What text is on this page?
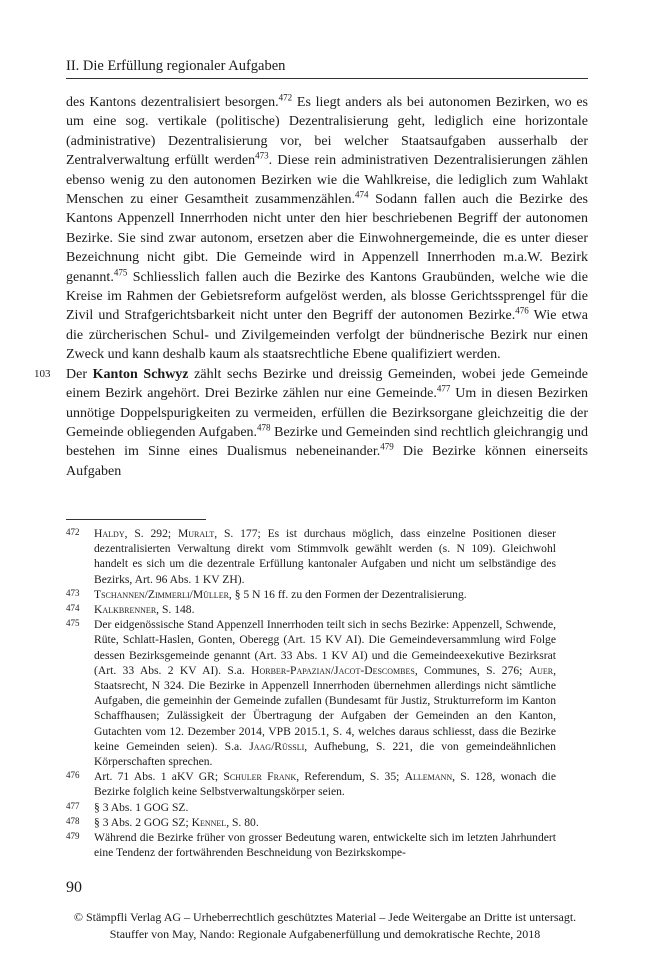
II. Die Erfüllung regionaler Aufgaben

des Kantons dezentralisiert besorgen.$^{472}$ Es liegt anders als bei autonomen Bezirken, wo es um eine sog. vertikale (politische) Dezentralisierung geht, lediglich eine horizontale (administrative) Dezentralisierung vor, bei welcher Staatsaufgaben ausserhalb der Zentralverwaltung erfüllt werden$^{473}$. Diese rein administrativen Dezentralisierungen zählen ebenso wenig zu den autonomen Bezirken wie die Wahlkreise, die lediglich zum Wahlakt Menschen zu einer Gesamtheit zusammenzählen.$^{474}$ Sodann fallen auch die Bezirke des Kantons Appenzell Innerrhoden nicht unter den hier beschriebenen Begriff der autonomen Bezirke. Sie sind zwar autonom, ersetzen aber die Einwohnergemeinde, die es unter dieser Bezeichnung nicht gibt. Die Gemeinde wird in Appenzell Innerrhoden m.a.W. Bezirk genannt.$^{475}$ Schliesslich fallen auch die Bezirke des Kantons Graubünden, welche wie die Kreise im Rahmen der Gebietsreform aufgelöst werden, als blosse Gerichtssprengel für die Zivil und Strafgerichtsbarkeit nicht unter den Begriff der autonomen Bezirke.$^{476}$ Wie etwa die zürcherischen Schul- und Zivilgemeinden verfolgt der bündnerische Bezirk nur einen Zweck und kann deshalb kaum als staatsrechtliche Ebene qualifiziert werden.

103 Der Kanton Schwyz zählt sechs Bezirke und dreissig Gemeinden, wobei jede Gemeinde einem Bezirk angehört. Drei Bezirke zählen nur eine Gemeinde.$^{477}$ Um in diesen Bezirken unnötige Doppelspurigkeiten zu vermeiden, erfüllen die Bezirksorgane gleichzeitig die der Gemeinde obliegenden Aufgaben.$^{478}$ Bezirke und Gemeinden sind rechtlich gleichrangig und bestehen im Sinne eines Dualismus nebeneinander.$^{479}$ Die Bezirke können einerseits Aufgaben

472	Haldy, S. 292; Muralt, S. 177; Es ist durchaus möglich, dass einzelne Positionen dieser dezentralisierten Verwaltung direkt vom Stimmvolk gewählt werden (s. N 109). Gleichwohl handelt es sich um die dezentrale Erfüllung kantonaler Aufgaben und nicht um selbständige des Bezirks, Art. 96 Abs. 1 KV ZH).
473	Tschannen/Zimmerli/Müller, § 5 N 16 ff. zu den Formen der Dezentralisierung.
474	Kalkbrenner, S. 148.
475	Der eidgenössische Stand Appenzell Innerrhoden teilt sich in sechs Bezirke: Appenzell, Schwende, Rüte, Schlatt-Haslen, Gonten, Oberegg (Art. 15 KV AI). Die Gemeindeversammlung wird Folge dessen Bezirksgemeinde genannt (Art. 33 Abs. 1 KV AI) und die Gemeindeexekutive Bezirksrat (Art. 33 Abs. 2 KV AI). S.a. Horber-Papazian/Jacot-Descombes, Communes, S. 276; Auer, Staatsrecht, N 324. Die Bezirke in Appenzell Innerrhoden übernehmen allerdings nicht sämtliche Aufgaben, die gemeinhin der Gemeinde zufallen (Bundesamt für Justiz, Strukturreform im Kanton Schaffhausen; Zulässigkeit der Übertragung der Aufgaben der Gemeinden an den Kanton, Gutachten vom 12. Dezember 2014, VPB 2015.1, S. 4, welches daraus schliesst, dass die Bezirke keine Gemeinden seien). S.a. Jaag/Rüssli, Aufhebung, S. 221, die von gemeindeähnlichen Körperschaften sprechen.
476	Art. 71 Abs. 1 aKV GR; Schuler Frank, Referendum, S. 35; Allemann, S. 128, wonach die Bezirke folglich keine Selbstverwaltungskörper seien.
477	§ 3 Abs. 1 GOG SZ.
478	§ 3 Abs. 2 GOG SZ; Kennel, S. 80.
479	Während die Bezirke früher von grosser Bedeutung waren, entwickelte sich im letzten Jahrhundert eine Tendenz der fortwährenden Beschneidung von Bezirkskompe-
90
© Stämpfli Verlag AG – Urheberrechtlich geschütztes Material – Jede Weitergabe an Dritte ist untersagt.
Stauffer von May, Nando: Regionale Aufgabenerfüllung und demokratische Rechte, 2018
